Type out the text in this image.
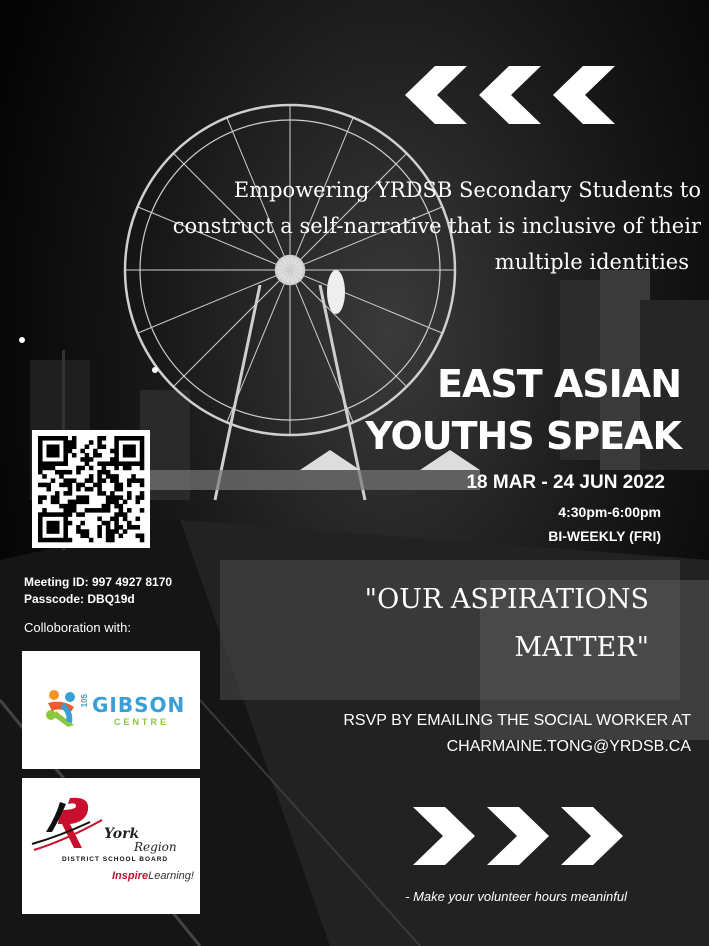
Empowering YRDSB Secondary Students to
construct a self-narrative that is inclusive of their
multiple identities
EAST ASIAN
YOUTHS SPEAK
18 MAR - 24 JUN 2022
4:30pm-6:00pm
BI-WEEKLY (FRI)
"OUR ASPIRATIONS
MATTER"
RSVP BY EMAILING THE SOCIAL WORKER AT
CHARMAINE.TONG@YRDSB.CA
Meeting ID: 997 4927 8170
Passcode: DBQ19d
Colloboration with:
105 GIBSON
CENTRE
York
Region
DISTRICT SCHOOL BOARD
InspireLearning!
- Make your volunteer hours meaninful
